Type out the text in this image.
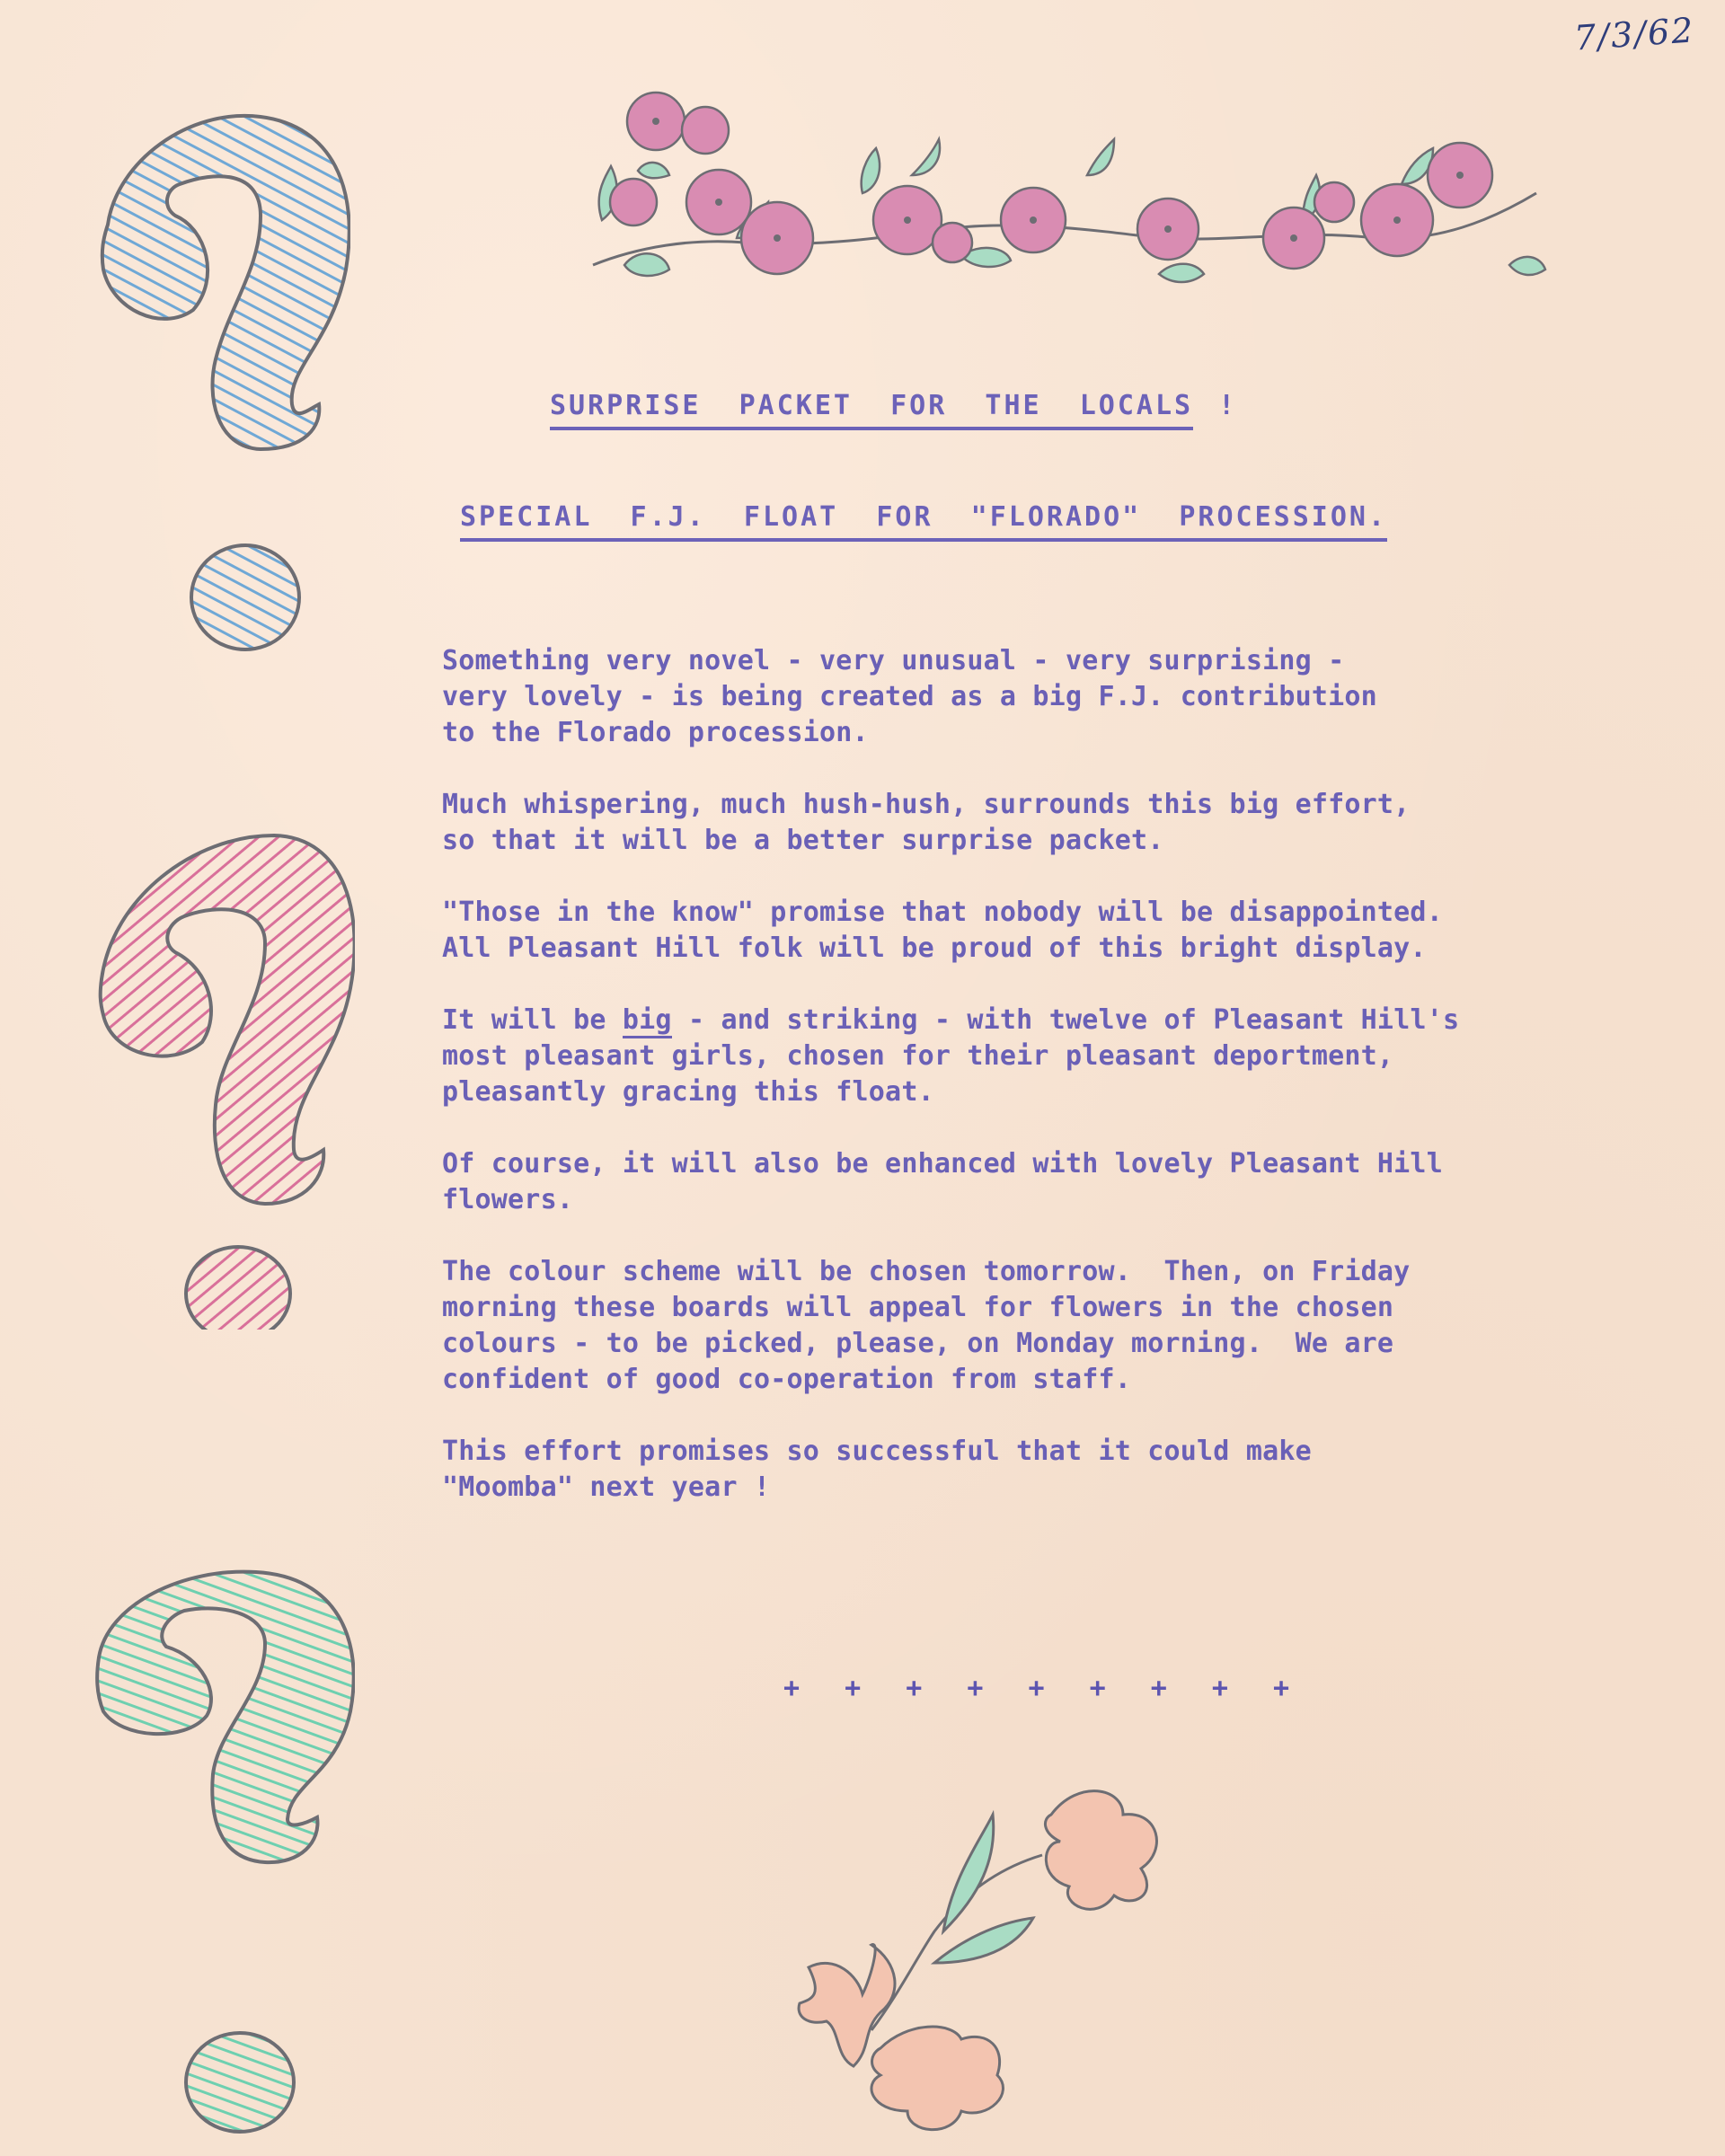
7/3/62
SURPRISE  PACKET  FOR  THE  LOCALS !
SPECIAL  F.J.  FLOAT  FOR  "FLORADO"  PROCESSION.

Something very novel - very unusual - very surprising -
very lovely - is being created as a big F.J. contribution
to the Florado procession.

Much whispering, much hush-hush, surrounds this big effort,
so that it will be a better surprise packet.

"Those in the know" promise that nobody will be disappointed.
All Pleasant Hill folk will be proud of this bright display.

It will be big - and striking - with twelve of Pleasant Hill's
most pleasant girls, chosen for their pleasant deportment,
pleasantly gracing this float.

Of course, it will also be enhanced with lovely Pleasant Hill
flowers.

The colour scheme will be chosen tomorrow.  Then, on Friday
morning these boards will appeal for flowers in the chosen
colours - to be picked, please, on Monday morning.  We are
confident of good co-operation from staff.

This effort promises so successful that it could make
"Moomba" next year !

+ + + + + + + + +
